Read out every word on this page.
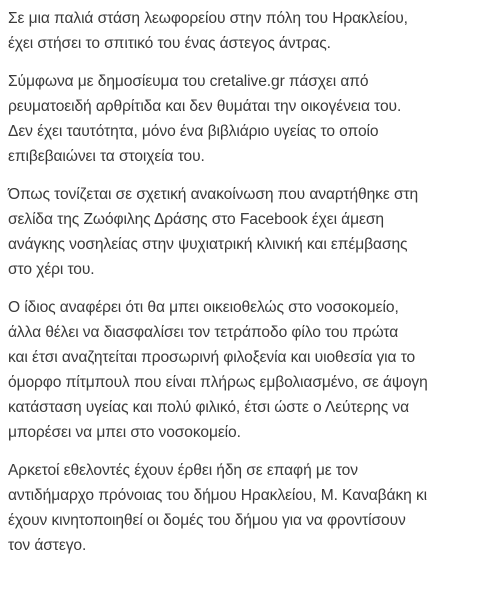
Σε μια παλιά στάση λεωφορείου στην πόλη του Ηρακλείου,
έχει στήσει το σπιτικό του ένας άστεγος άντρας.

Σύμφωνα με δημοσίευμα του cretalive.gr πάσχει από
ρευματοειδή αρθρίτιδα και δεν θυμάται την οικογένεια του.
Δεν έχει ταυτότητα, μόνο ένα βιβλιάριο υγείας το οποίο
επιβεβαιώνει τα στοιχεία του.

Όπως τονίζεται σε σχετική ανακοίνωση που αναρτήθηκε στη
σελίδα της Ζωόφιλης Δράσης στο Facebook έχει άμεση
ανάγκης νοσηλείας στην ψυχιατρική κλινική και επέμβασης
στο χέρι του.

Ο ίδιος αναφέρει ότι θα μπει οικειοθελώς στο νοσοκομείο,
άλλα θέλει να διασφαλίσει τον τετράποδο φίλο του πρώτα
και έτσι αναζητείται προσωρινή φιλοξενία και υιοθεσία για το
όμορφο πίτμπουλ που είναι πλήρως εμβολιασμένο, σε άψογη
κατάσταση υγείας και πολύ φιλικό, έτσι ώστε ο Λεύτερης να
μπορέσει να μπει στο νοσοκομείο.

Αρκετοί εθελοντές έχουν έρθει ήδη σε επαφή με τον
αντιδήμαρχο πρόνοιας του δήμου Ηρακλείου, Μ. Καναβάκη κι
έχουν κινητοποιηθεί οι δομές του δήμου για να φροντίσουν
τον άστεγο.
